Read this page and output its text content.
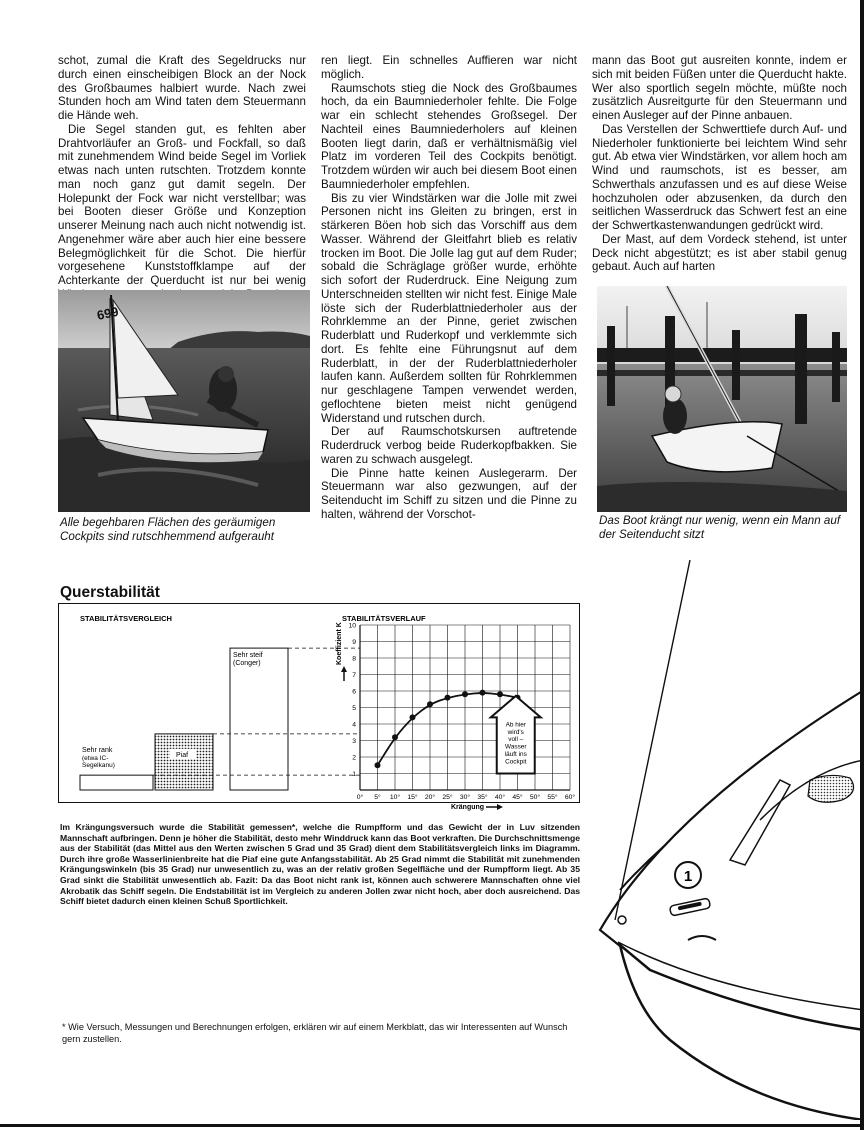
schot, zumal die Kraft des Segeldrucks nur durch einen einscheibigen Block an der Nock des Großbaumes halbiert wurde. Nach zwei Stunden hoch am Wind taten dem Steuermann die Hände weh.

Die Segel standen gut, es fehlten aber Drahtvorläufer an Groß- und Fockfall, so daß mit zunehmendem Wind beide Segel im Vorliek etwas nach unten rutschten. Trotzdem konnte man noch ganz gut damit segeln. Der Holepunkt der Fock war nicht verstellbar; was bei Booten dieser Größe und Konzeption unserer Meinung nach auch nicht notwendig ist. Angenehmer wäre aber auch hier eine bessere Belegmöglichkeit für die Schot. Die hierfür vorgesehene Kunststoffklampe auf der Achterkante der Querducht ist nur bei wenig

ren liegt. Ein schnelles Auffieren war nicht möglich.

Raumschots stieg die Nock des Großbaumes hoch, da ein Baumniederholer fehlte. Die Folge war ein schlecht stehendes Großsegel. Der Nachteil eines Baumniederholers auf kleinen Booten liegt darin, daß er verhältnismäßig viel Platz im vorderen Teil des Cockpits benötigt. Trotzdem würden wir auch bei diesem Boot einen Baumniederholer empfehlen.

Bis zu vier Windstärken war die Jolle mit zwei Personen nicht ins Gleiten zu bringen, erst in stärkeren Böen hob sich das Vorschiff aus dem Wasser. Während der Gleitfahrt blieb es relativ trocken im Boot. Die Jolle lag gut auf dem Ruder; sobald die Schräglage größer wurde, erhöhte sich sofort der Ruderdruck. Eine Neigung zum Unterschneiden stellten wir nicht fest. Einige Male löste sich der Ruderblattniederholer aus der Rohrklemme an der Pinne, geriet zwischen Ruderblatt und Ruderkopf und verklemmte sich dort. Es fehlte eine Führungsnut auf dem Ruderblatt, in der der Ruderblattniederholer laufen kann. Außerdem sollten für Rohrklemmen nur geschlagene Tampen verwendet werden, geflochtene bieten meist nicht genügend Widerstand und rutschen durch.

Der auf Raumschotskursen auftretende Ruderdruck verbog beide Ruderkopfbakken. Sie waren zu schwach ausgelegt.

Die Pinne hatte keinen Auslegerarm. Der Steuermann war also gezwungen, auf der Seitenducht im Schiff zu sitzen und die Pinne zu halten, während der Vorschot-

mann das Boot gut ausreiten konnte, indem er sich mit beiden Füßen unter die Querducht hakte. Wer also sportlich segeln möchte, müßte noch zusätzlich Ausreitgurte für den Steuermann und einen Ausleger auf der Pinne anbauen.

Das Verstellen der Schwerttiefe durch Auf- und Niederholer funktionierte bei leichtem Wind sehr gut. Ab etwa vier Windstärken, vor allem hoch am Wind und raumschots, ist es besser, am Schwerthals anzufassen und es auf diese Weise hochzuholen oder abzusenken, da durch den seitlichen Wasserdruck das Schwert fest an eine der Schwertkastenwandungen gedrückt wird.

Der Mast, auf dem Vordeck stehend, ist unter Deck nicht abgestützt; es ist aber stabil genug gebaut. Auch auf harten

699
Alle begehbaren Flächen des geräumigen Cockpits sind rutschhemmend aufgerauht
Das Boot krängt nur wenig, wenn ein Mann auf der Seitenducht sitzt
Querstabilität
STABILITÄTSVERGLEICH	STABILITÄTSVERLAUF
Sehr rank
(etwa IC-
Segelkanu)
Piaf
Sehr steif
(Conger)
1
2
3
4
5
6
7
8
9
10
0° 5° 10° 15° 20° 25° 30° 35° 40° 45° 50° 55° 60°
Koeffizient K
Krängung
Ab hier
wird's
voll –
Wasser
läuft ins
Cockpit
Im Krängungsversuch wurde die Stabilität gemessen*, welche die Rumpfform und das Gewicht der in Luv sitzenden Mannschaft aufbringen. Denn je höher die Stabilität, desto mehr Winddruck kann das Boot verkraften. Die Durchschnittsmenge aus der Stabilität (das Mittel aus den Werten zwischen 5 Grad und 35 Grad) dient dem Stabilitätsvergleich links im Diagramm. Durch ihre große Wasserlinienbreite hat die Piaf eine gute Anfangsstabilität. Ab 25 Grad nimmt die Stabilität mit zunehmenden Krängungswinkeln (bis 35 Grad) nur unwesentlich zu, was an der relativ großen Segelfläche und der Rumpfform liegt. Ab 35 Grad sinkt die Stabilität unwesentlich ab. Fazit: Da das Boot nicht rank ist, können auch schwerere Mannschaften ohne viel Akrobatik das Schiff segeln. Die Endstabilität ist im Vergleich zu anderen Jollen zwar nicht hoch, aber doch ausreichend. Das Schiff bietet dadurch einen kleinen Schuß Sportlichkeit.
1
* Wie Versuch, Messungen und Berechnungen erfolgen, erklären wir auf einem Merkblatt, das wir Interessenten auf Wunsch gern zustellen.
